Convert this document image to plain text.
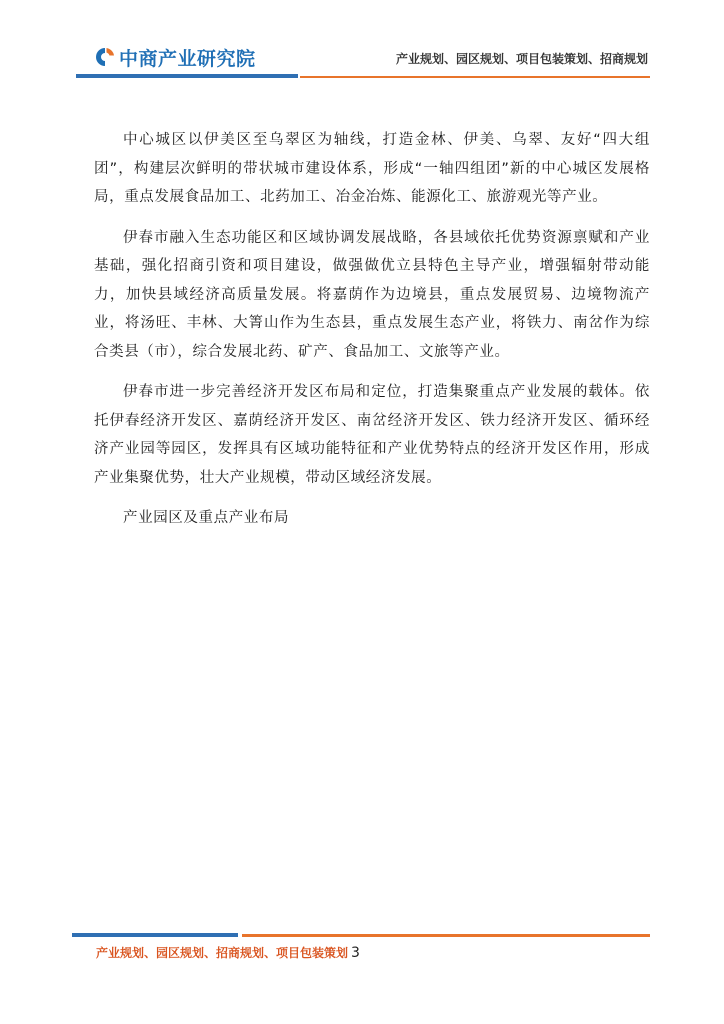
中商产业研究院	产业规划、园区规划、项目包装策划、招商规划

中心城区以伊美区至乌翠区为轴线，打造金林、伊美、乌翠、友好“四大组团”，构建层次鲜明的带状城市建设体系，形成“一轴四组团”新的中心城区发展格局，重点发展食品加工、北药加工、冶金冶炼、能源化工、旅游观光等产业。

伊春市融入生态功能区和区域协调发展战略，各县域依托优势资源禀赋和产业基础，强化招商引资和项目建设，做强做优立县特色主导产业，增强辐射带动能力，加快县域经济高质量发展。将嘉荫作为边境县，重点发展贸易、边境物流产业，将汤旺、丰林、大箐山作为生态县，重点发展生态产业，将铁力、南岔作为综合类县（市），综合发展北药、矿产、食品加工、文旅等产业。

伊春市进一步完善经济开发区布局和定位，打造集聚重点产业发展的载体。依托伊春经济开发区、嘉荫经济开发区、南岔经济开发区、铁力经济开发区、循环经济产业园等园区，发挥具有区域功能特征和产业优势特点的经济开发区作用，形成产业集聚优势，壮大产业规模，带动区域经济发展。

产业园区及重点产业布局

产业规划、园区规划、招商规划、项目包装策划 3
